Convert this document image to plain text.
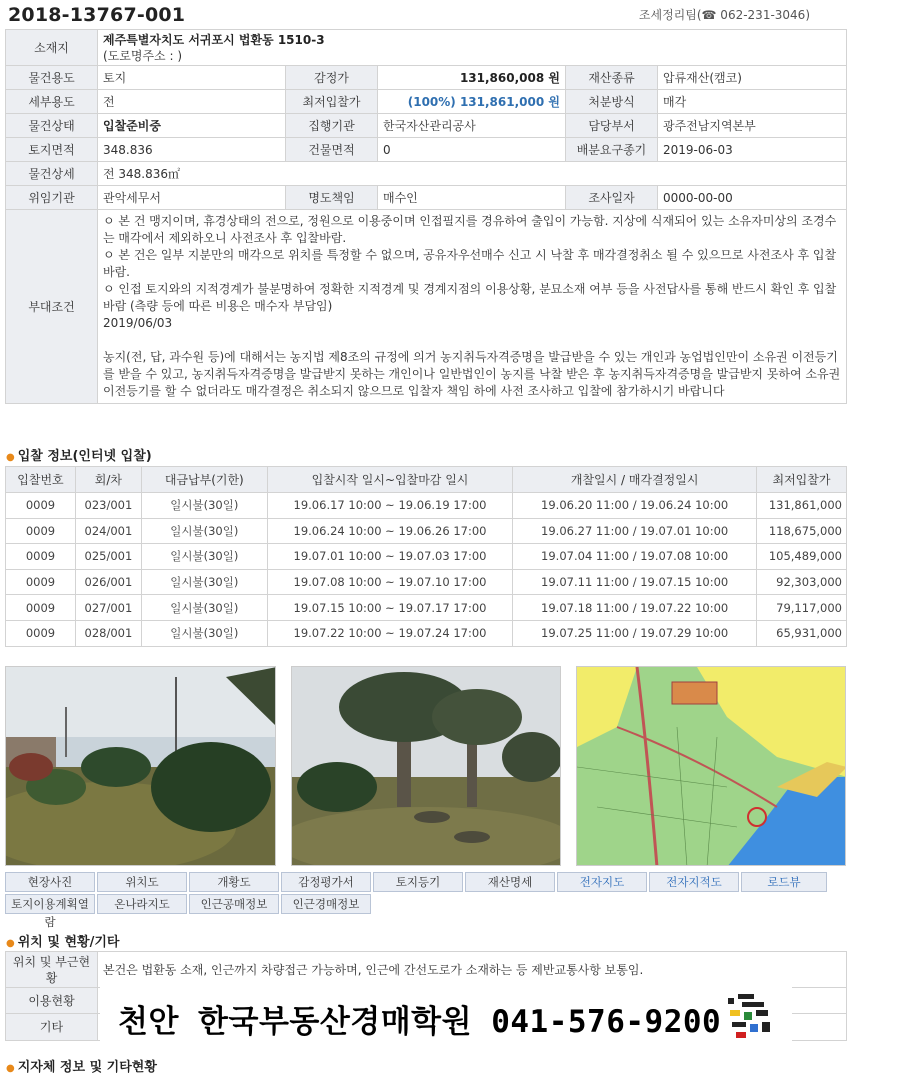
2018-13767-001	조세정리팀(☎ 062-231-3046)
소재지	제주특별자치도 서귀포시 법환동 1510-3
(도로명주소 : )				

물건용도	토지	감정가	131,860,008 원	재산종류	압류재산(캠코)
세부용도	전	최저입찰가	(100%) 131,861,000 원	처분방식	매각
물건상태	입찰준비중	집행기관	한국자산관리공사	담당부서	광주전남지역본부
토지면적	348.836	건물면적	0	배분요구종기	2019-06-03
물건상세	전 348.836㎡				
위임기관	관악세무서	명도책임	매수인	조사일자	0000-00-00
부대조건	ㅇ 본 건 맹지이며, 휴경상태의 전으로, 정원으로 이용중이며 인접필지를 경유하여 출입이 가능함. 지상에 식재되어 있는 소유자미상의 조경수는 매각에서 제외하오니 사전조사 후 입찰바람.
ㅇ 본 건은 일부 지분만의 매각으로 위치를 특정할 수 없으며, 공유자우선매수 신고 시 낙찰 후 매각결정취소 될 수 있으므로 사전조사 후 입찰바람.
ㅇ 인접 토지와의 지적경계가 불분명하여 정확한 지적경계 및 경계지점의 이용상황, 분묘소재 여부 등을 사전답사를 통해 반드시 확인 후 입찰바람 (측량 등에 따른 비용은 매수자 부담임)
2019/06/03
농지(전, 답, 과수원 등)에 대해서는 농지법 제8조의 규정에 의거 농지취득자격증명을 발급받을 수 있는 개인과 농업법인만이 소유권 이전등기를 받을 수 있고, 농지취득자격증명을 발급받지 못하는 개인이나 일반법인이 농지를 낙찰 받은 후 농지취득자격증명을 발급받지 못하여 소유권이전등기를 할 수 없더라도 매각결정은 취소되지 않으므로 입찰자 책임 하에 사전 조사하고 입찰에 참가하시기 바랍니다				
● 입찰 정보(인터넷 입찰)
입찰번호	회/차	대금납부(기한)	입찰시작 일시~입찰마감 일시	개찰일시 / 매각결정일시	최저입찰가
0009	023/001	일시불(30일)	19.06.17 10:00 ~ 19.06.19 17:00	19.06.20 11:00 / 19.06.24 10:00	131,861,000
0009	024/001	일시불(30일)	19.06.24 10:00 ~ 19.06.26 17:00	19.06.27 11:00 / 19.07.01 10:00	118,675,000
0009	025/001	일시불(30일)	19.07.01 10:00 ~ 19.07.03 17:00	19.07.04 11:00 / 19.07.08 10:00	105,489,000
0009	026/001	일시불(30일)	19.07.08 10:00 ~ 19.07.10 17:00	19.07.11 11:00 / 19.07.15 10:00	92,303,000
0009	027/001	일시불(30일)	19.07.15 10:00 ~ 19.07.17 17:00	19.07.18 11:00 / 19.07.22 10:00	79,117,000
0009	028/001	일시불(30일)	19.07.22 10:00 ~ 19.07.24 17:00	19.07.25 11:00 / 19.07.29 10:00	65,931,000
현장사진	위치도	개황도	감정평가서	토지등기	재산명세	전자지도	전자지적도	로드뷰
토지이용계획열람
온나라지도	인근공매정보	인근경매정보
● 위치 및 현황/기타
위치 및 부근현황	본건은 법환동 소재, 인근까지 차량접근 가능하며, 인근에 간선도로가 소재하는 등 제반교통사항 보통임.
이용현황	
기타	천안 한국부동산경매학원 041-576-9200
● 지자체 정보 및 기타현황
